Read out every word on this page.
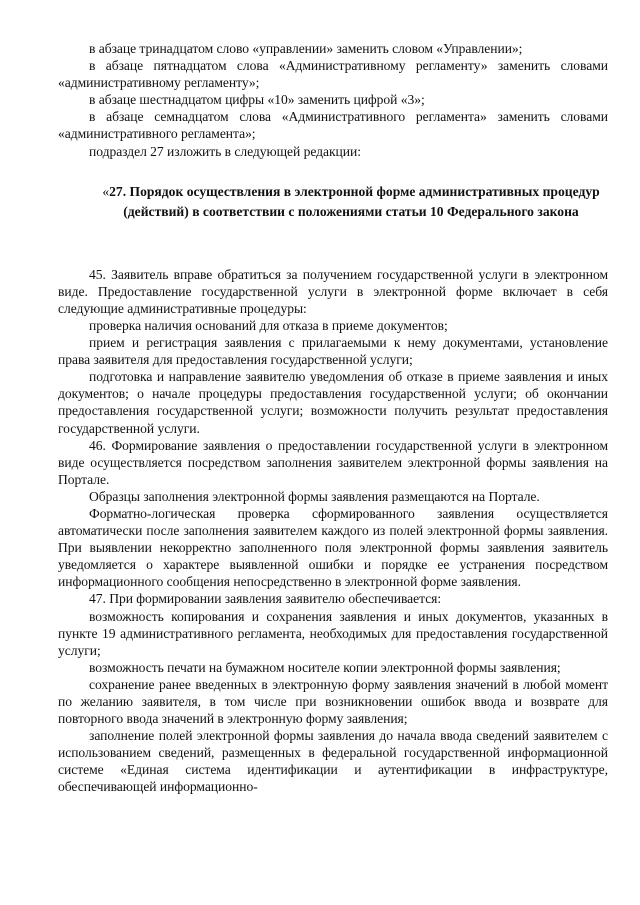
в абзаце тринадцатом слово «управлении» заменить словом «Управлении»;

в абзаце пятнадцатом слова «Административному регламенту» заменить словами «административному регламенту»;

в абзаце шестнадцатом цифры «10» заменить цифрой «3»;

в абзаце семнадцатом слова «Административного регламента» заменить словами «административного регламента»;

подраздел 27 изложить в следующей редакции:

«27. Порядок осуществления в электронной форме административных процедур (действий) в соответствии с положениями статьи 10 Федерального закона

45. Заявитель вправе обратиться за получением государственной услуги в электронном виде. Предоставление государственной услуги в электронной форме включает в себя следующие административные процедуры:

проверка наличия оснований для отказа в приеме документов;

прием и регистрация заявления с прилагаемыми к нему документами, установление права заявителя для предоставления государственной услуги;

подготовка и направление заявителю уведомления об отказе в приеме заявления и иных документов; о начале процедуры предоставления государственной услуги; об окончании предоставления государственной услуги; возможности получить результат предоставления государственной услуги.

46. Формирование заявления о предоставлении государственной услуги в электронном виде осуществляется посредством заполнения заявителем электронной формы заявления на Портале.

Образцы заполнения электронной формы заявления размещаются на Портале.

Форматно-логическая проверка сформированного заявления осуществляется автоматически после заполнения заявителем каждого из полей электронной формы заявления. При выявлении некорректно заполненного поля электронной формы заявления заявитель уведомляется о характере выявленной ошибки и порядке ее устранения посредством информационного сообщения непосредственно в электронной форме заявления.

47. При формировании заявления заявителю обеспечивается:

возможность копирования и сохранения заявления и иных документов, указанных в пункте 19 административного регламента, необходимых для предоставления государственной услуги;

возможность печати на бумажном носителе копии электронной формы заявления;

сохранение ранее введенных в электронную форму заявления значений в любой момент по желанию заявителя, в том числе при возникновении ошибок ввода и возврате для повторного ввода значений в электронную форму заявления;

заполнение полей электронной формы заявления до начала ввода сведений заявителем с использованием сведений, размещенных в федеральной государственной информационной системе «Единая система идентификации и аутентификации в инфраструктуре, обеспечивающей информационно-
